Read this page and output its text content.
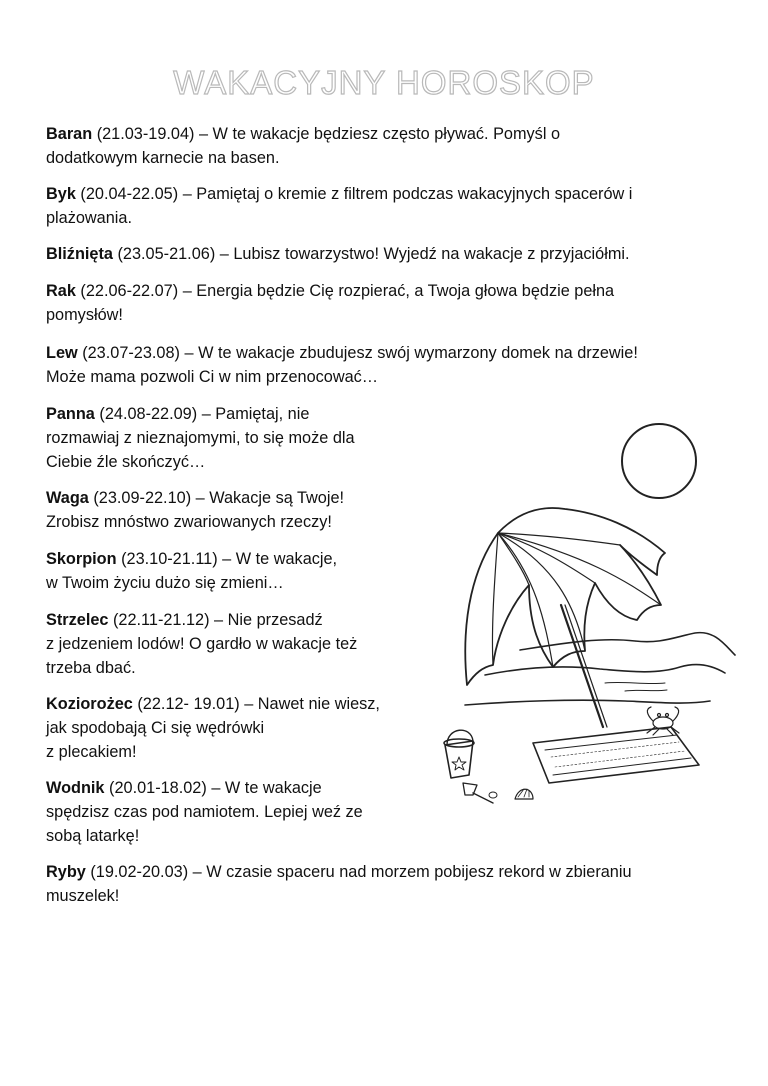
WAKACYJNY HOROSKOP

Baran (21.03-19.04) – W te wakacje będziesz często pływać. Pomyśl o
dodatkowym karnecie na basen.

Byk (20.04-22.05) – Pamiętaj o kremie z filtrem podczas wakacyjnych spacerów i
plażowania.

Bliźnięta (23.05-21.06) – Lubisz towarzystwo! Wyjedź na wakacje z przyjaciółmi.

Rak (22.06-22.07) – Energia będzie Cię rozpierać, a Twoja głowa będzie pełna
pomysłów!

Lew (23.07-23.08) – W te wakacje zbudujesz swój wymarzony domek na drzewie!
Może mama pozwoli Ci w nim przenocować…

Panna (24.08-22.09) – Pamiętaj, nie
rozmawiaj z nieznajomymi, to się może dla
Ciebie źle skończyć…

Waga (23.09-22.10) – Wakacje są Twoje!
Zrobisz mnóstwo zwariowanych rzeczy!

Skorpion (23.10-21.11) – W te wakacje,
w Twoim życiu dużo się zmieni…

Strzelec (22.11-21.12) – Nie przesadź
z jedzeniem lodów! O gardło w wakacje też
trzeba dbać.

Koziorożec (22.12- 19.01) – Nawet nie wiesz,
jak spodobają Ci się wędrówki
z plecakiem!

Wodnik (20.01-18.02) – W te wakacje
spędzisz czas pod namiotem. Lepiej weź ze
sobą latarkę!

Ryby (19.02-20.03) – W czasie spaceru nad morzem pobijesz rekord w zbieraniu
muszelek!
